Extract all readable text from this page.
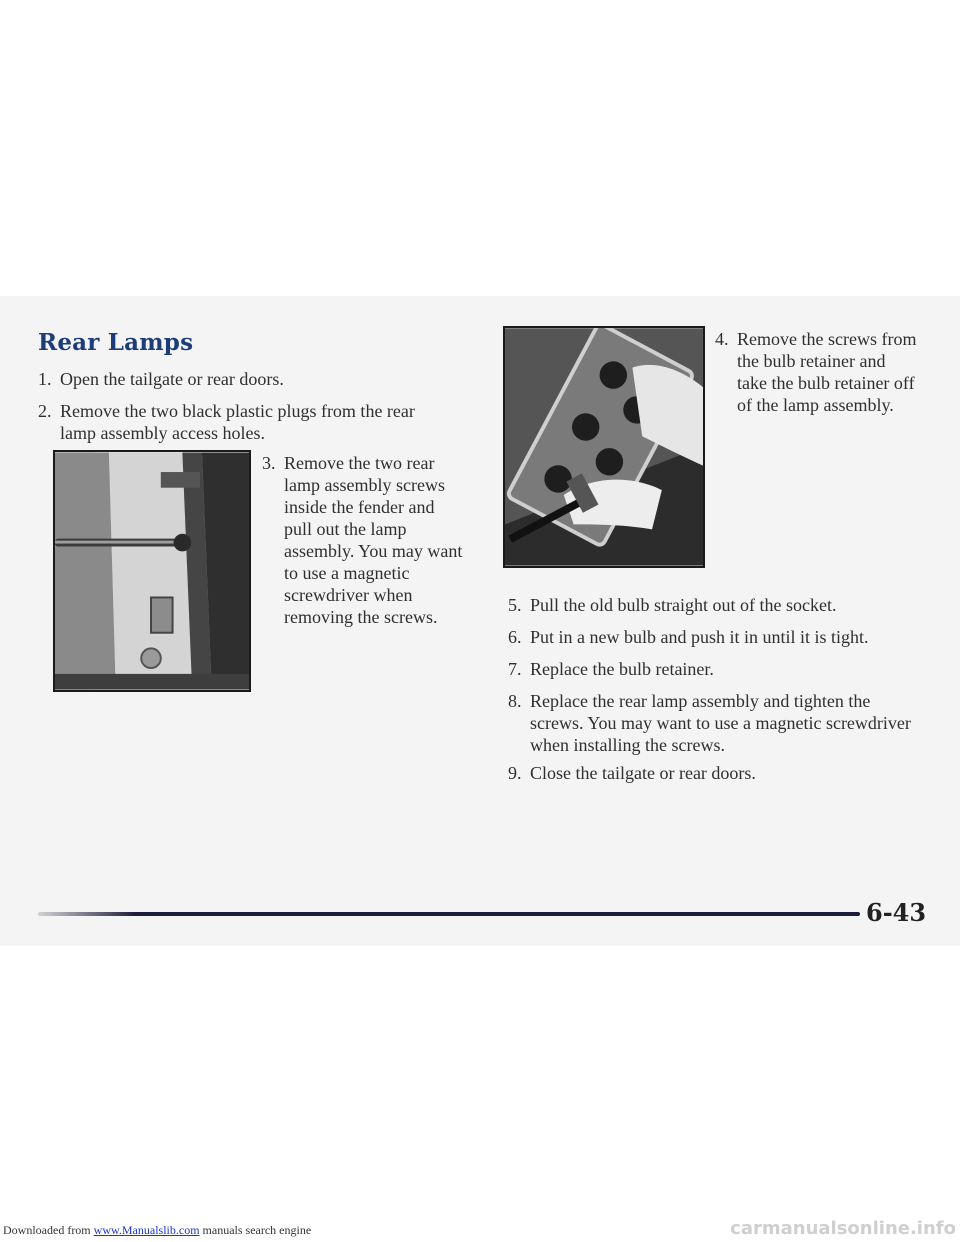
Rear Lamps
1. Open the tailgate or rear doors.
2. Remove the two black plastic plugs from the rear
lamp assembly access holes.
3. Remove the two rear
lamp assembly screws
inside the fender and
pull out the lamp
assembly. You may want
to use a magnetic
screwdriver when
removing the screws.
4. Remove the screws from
the bulb retainer and
take the bulb retainer off
of the lamp assembly.
5. Pull the old bulb straight out of the socket.
6. Put in a new bulb and push it in until it is tight.
7. Replace the bulb retainer.
8. Replace the rear lamp assembly and tighten the
screws. You may want to use a magnetic screwdriver
when installing the screws.
9. Close the tailgate or rear doors.

6-43

Downloaded from www.Manualslib.com manuals search engine	carmanualsonline.info
